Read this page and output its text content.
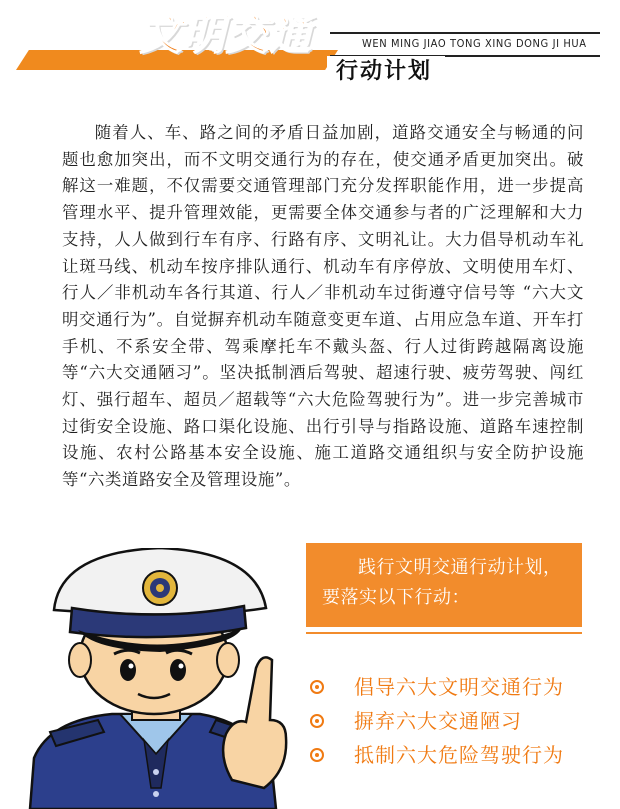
WEN MING JIAO TONG XING DONG JI HUA
文明交通
行动计划

随着人、车、路之间的矛盾日益加剧，道路交通安全与畅通的问题也愈加突出，而不文明交通行为的存在，使交通矛盾更加突出。破解这一难题，不仅需要交通管理部门充分发挥职能作用，进一步提高管理水平、提升管理效能，更需要全体交通参与者的广泛理解和大力支持，人人做到行车有序、行路有序、文明礼让。大力倡导机动车礼让斑马线、机动车按序排队通行、机动车有序停放、文明使用车灯、行人／非机动车各行其道、行人／非机动车过街遵守信号等 “六大文明交通行为”。自觉摒弃机动车随意变更车道、占用应急车道、开车打手机、不系安全带、驾乘摩托车不戴头盔、行人过街跨越隔离设施等“六大交通陋习”。坚决抵制酒后驾驶、超速行驶、疲劳驾驶、闯红灯、强行超车、超员／超载等“六大危险驾驶行为”。进一步完善城市过街安全设施、路口渠化设施、出行引导与指路设施、道路车速控制设施、农村公路基本安全设施、施工道路交通组织与安全防护设施等“六类道路安全及管理设施”。

践行文明交通行动计划，要落实以下行动：
倡导六大文明交通行为
摒弃六大交通陋习
抵制六大危险驾驶行为
